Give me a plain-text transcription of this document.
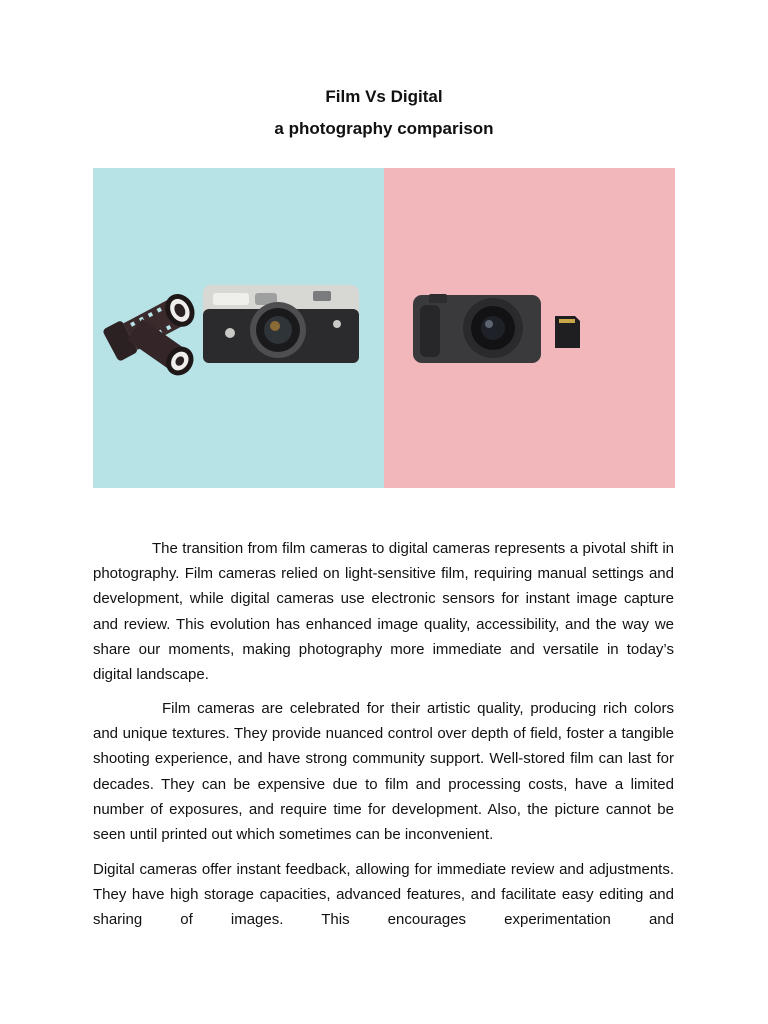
Film Vs Digital
a photography comparison

The transition from film cameras to digital cameras represents a pivotal shift in photography. Film cameras relied on light-sensitive film, requiring manual settings and development, while digital cameras use electronic sensors for instant image capture and review. This evolution has enhanced image quality, accessibility, and the way we share our moments, making photography more immediate and versatile in today’s digital landscape.

Film cameras are celebrated for their artistic quality, producing rich colors and unique textures. They provide nuanced control over depth of field, foster a tangible shooting experience, and have strong community support. Well-stored film can last for decades. They can be expensive due to film and processing costs, have a limited number of exposures, and require time for development. Also, the picture cannot be seen until printed out which sometimes can be inconvenient.

Digital cameras offer instant feedback, allowing for immediate review and adjustments. They have high storage capacities, advanced features, and facilitate easy editing and sharing of images. This encourages experimentation and
